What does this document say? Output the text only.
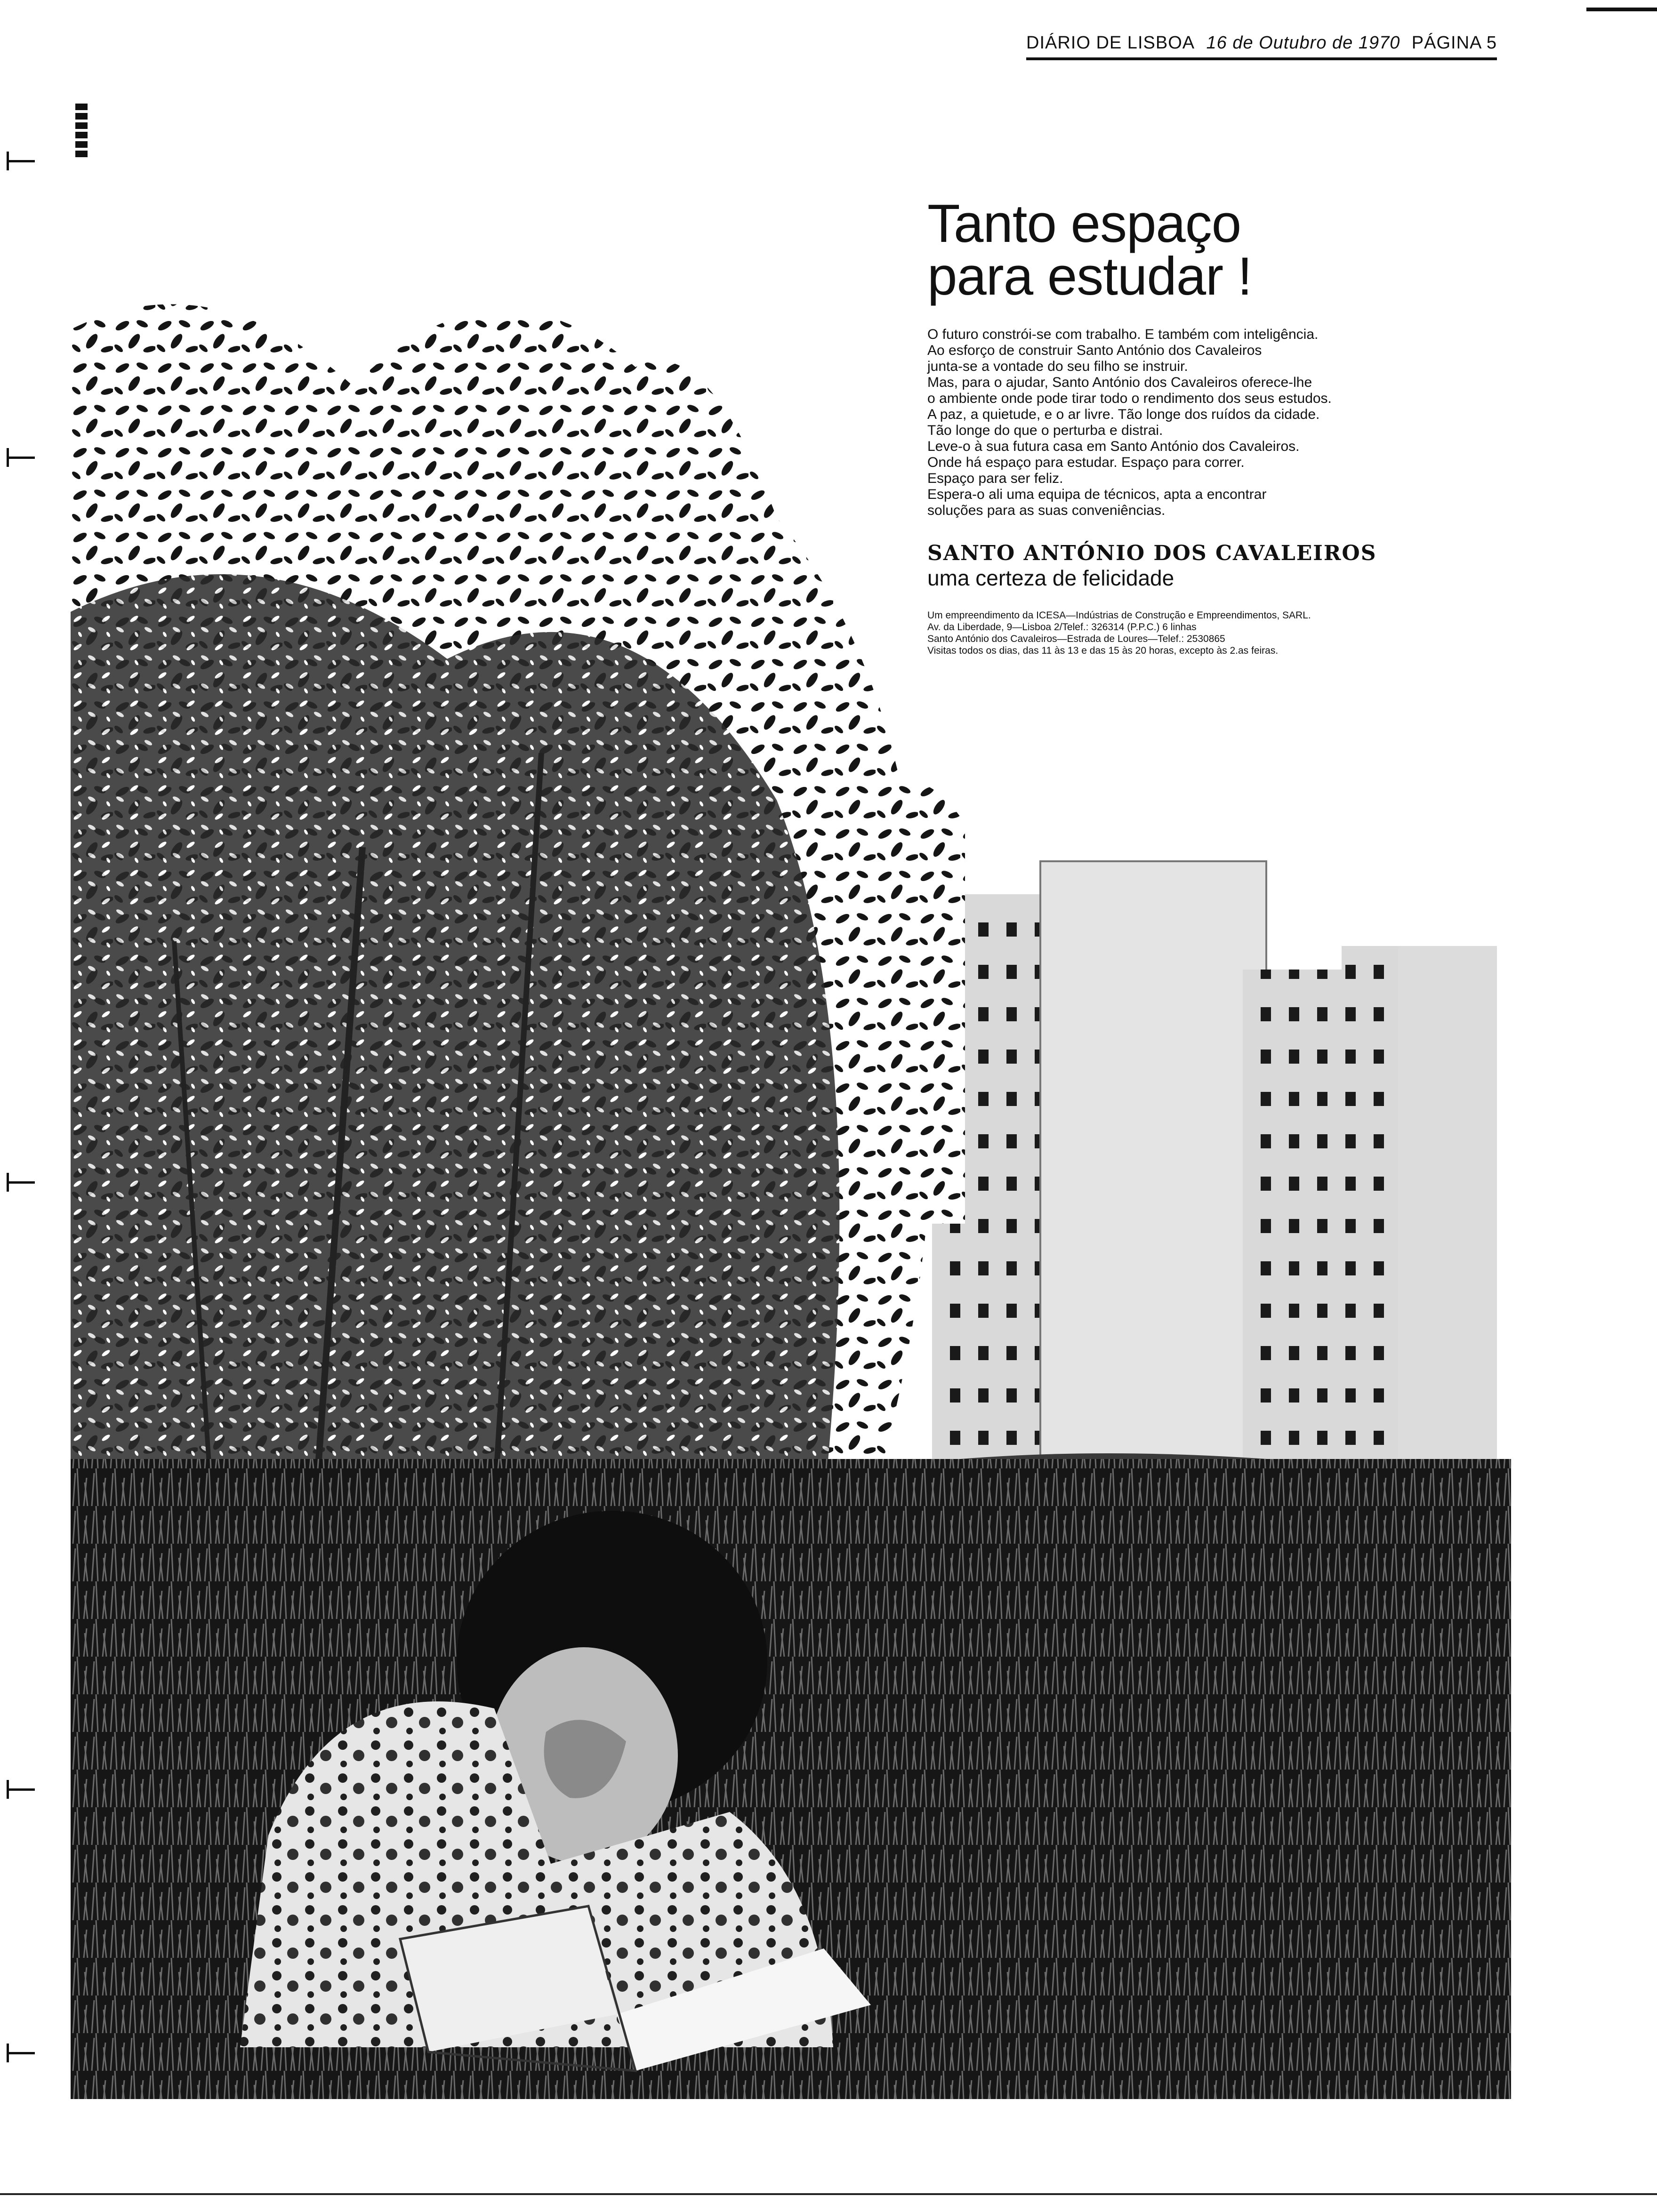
DIÁRIO DE LISBOA 16 de Outubro de 1970 PÁGINA 5
Tanto espaço
para estudar !
O futuro constrói-se com trabalho. E também com inteligência.
Ao esforço de construir Santo António dos Cavaleiros
junta-se a vontade do seu filho se instruir.
Mas, para o ajudar, Santo António dos Cavaleiros oferece-lhe
o ambiente onde pode tirar todo o rendimento dos seus estudos.
A paz, a quietude, e o ar livre. Tão longe dos ruídos da cidade.
Tão longe do que o perturba e distrai.
Leve-o à sua futura casa em Santo António dos Cavaleiros.
Onde há espaço para estudar. Espaço para correr.
Espaço para ser feliz.
Espera-o ali uma equipa de técnicos, apta a encontrar
soluções para as suas conveniências.
SANTO ANTÓNIO DOS CAVALEIROS
uma certeza de felicidade
Um empreendimento da ICESA—Indústrias de Construção e Empreendimentos, SARL.
Av. da Liberdade, 9—Lisboa 2/Telef.: 326314 (P.P.C.) 6 linhas
Santo António dos Cavaleiros—Estrada de Loures—Telef.: 2530865
Visitas todos os dias, das 11 às 13 e das 15 às 20 horas, excepto às 2.as feiras.
